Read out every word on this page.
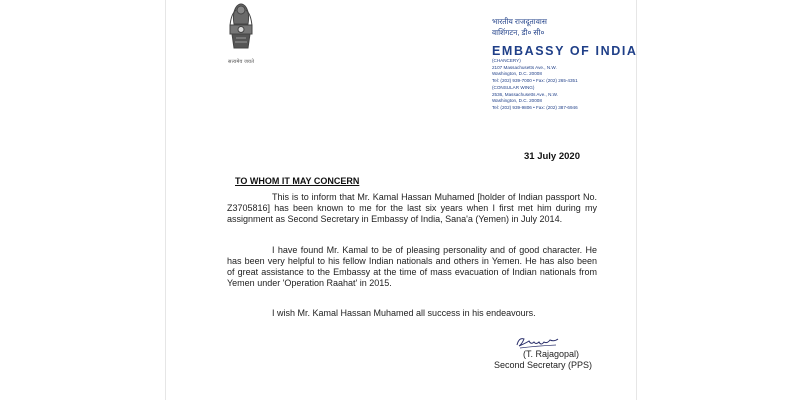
सत्यमेव जयते
भारतीय राजदूतावास
वाशिंगटन, डी० सी०
EMBASSY OF INDIA
(CHANCERY)
2107 Massachusetts Ave., N.W.
Washington, D.C. 20008
Tel: (202) 939-7000 • Fax: (202) 265-4351
(CONSULAR WING)
2536, Massachusetts Ave., N.W.
Washington, D.C. 20008
Tel: (202) 939-9806 • Fax: (202) 387-6946
31 July 2020
TO WHOM IT MAY CONCERN

This is to inform that Mr. Kamal Hassan Muhamed [holder of Indian passport No. Z3705816] has been known to me for the last six years when I first met him during my assignment as Second Secretary in Embassy of India, Sana'a (Yemen) in July 2014.

I have found Mr. Kamal to be of pleasing personality and of good character. He has been very helpful to his fellow Indian nationals and others in Yemen. He has also been of great assistance to the Embassy at the time of mass evacuation of Indian nationals from Yemen under 'Operation Raahat' in 2015.

I wish Mr. Kamal Hassan Muhamed all success in his endeavours.

(T. Rajagopal)
Second Secretary (PPS)
